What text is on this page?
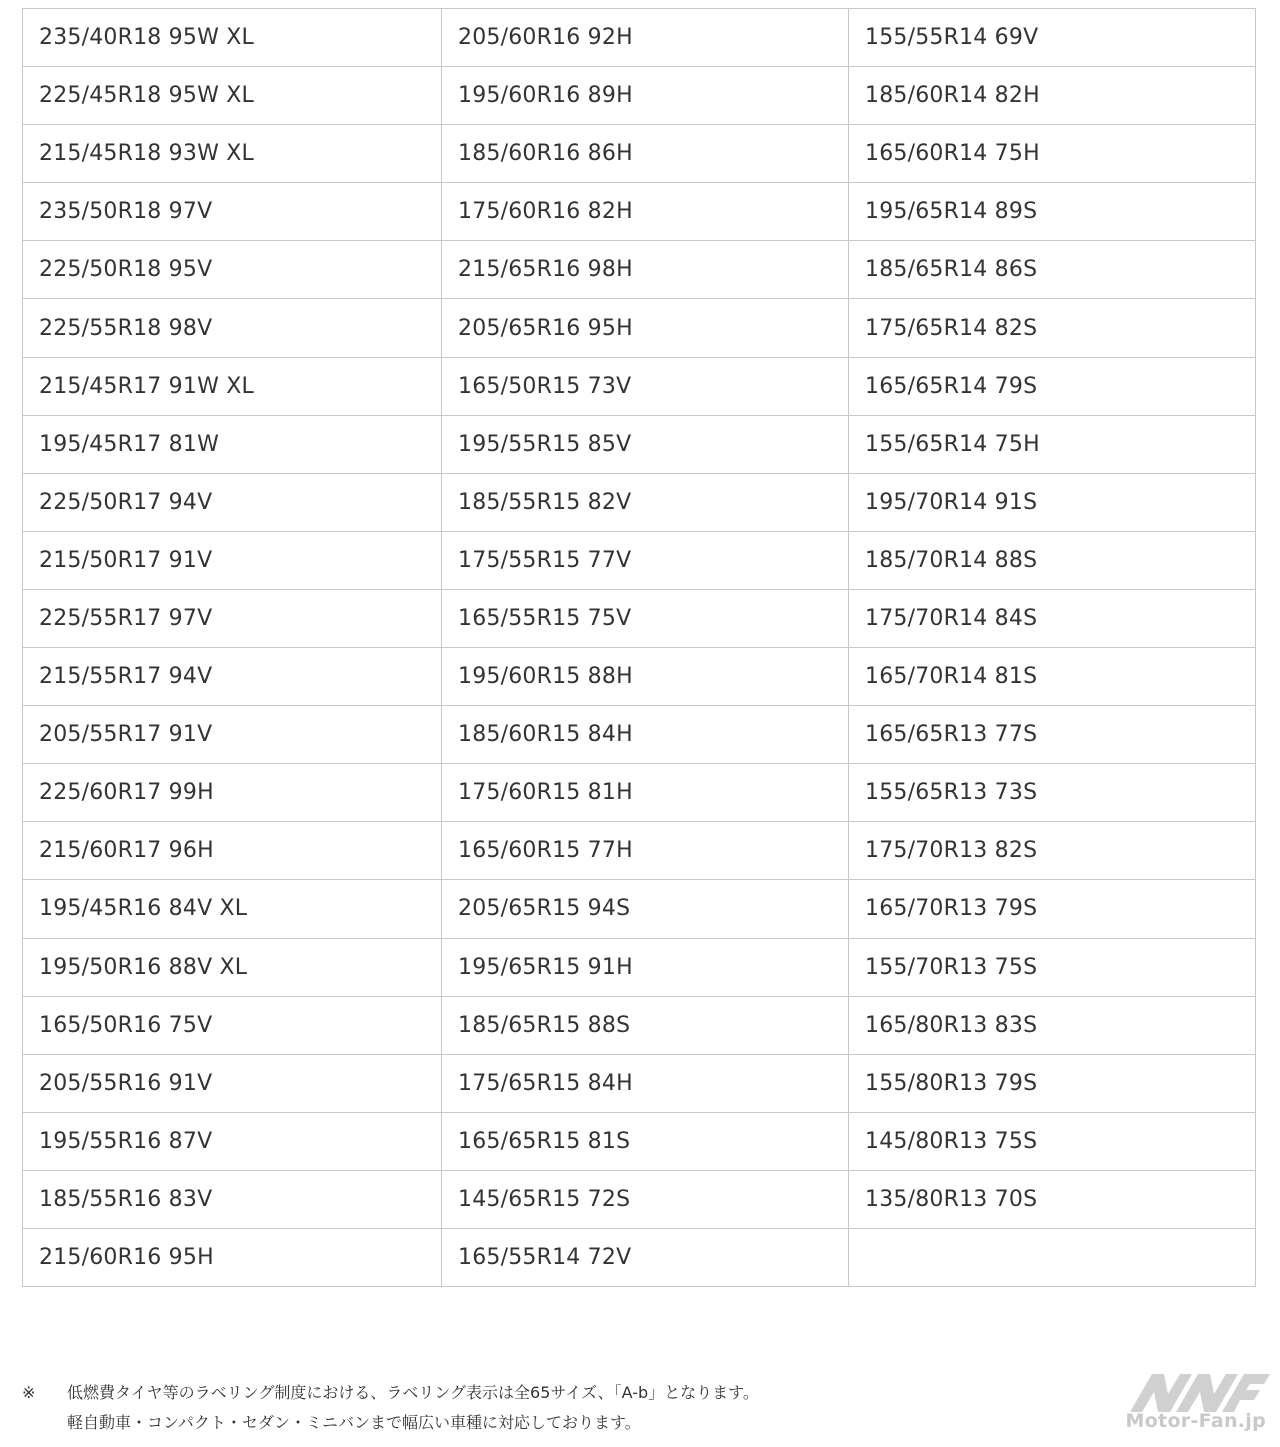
235/40R18 95W XL	205/60R16 92H	155/55R14 69V
225/45R18 95W XL	195/60R16 89H	185/60R14 82H
215/45R18 93W XL	185/60R16 86H	165/60R14 75H
235/50R18 97V	175/60R16 82H	195/65R14 89S
225/50R18 95V	215/65R16 98H	185/65R14 86S
225/55R18 98V	205/65R16 95H	175/65R14 82S
215/45R17 91W XL	165/50R15 73V	165/65R14 79S
195/45R17 81W	195/55R15 85V	155/65R14 75H
225/50R17 94V	185/55R15 82V	195/70R14 91S
215/50R17 91V	175/55R15 77V	185/70R14 88S
225/55R17 97V	165/55R15 75V	175/70R14 84S
215/55R17 94V	195/60R15 88H	165/70R14 81S
205/55R17 91V	185/60R15 84H	165/65R13 77S
225/60R17 99H	175/60R15 81H	155/65R13 73S
215/60R17 96H	165/60R15 77H	175/70R13 82S
195/45R16 84V XL	205/65R15 94S	165/70R13 79S
195/50R16 88V XL	195/65R15 91H	155/70R13 75S
165/50R16 75V	185/65R15 88S	165/80R13 83S
205/55R16 91V	175/65R15 84H	155/80R13 79S
195/55R16 87V	165/65R15 81S	145/80R13 75S
185/55R16 83V	145/65R15 72S	135/80R13 70S
215/60R16 95H	165/55R14 72V	
※ 低燃費タイヤ等のラベリング制度における、ラベリング表示は全65サイズ、「A-b」となります。
軽自動車・コンパクト・セダン・ミニバンまで幅広い車種に対応しております。	Motor-Fan.jp
